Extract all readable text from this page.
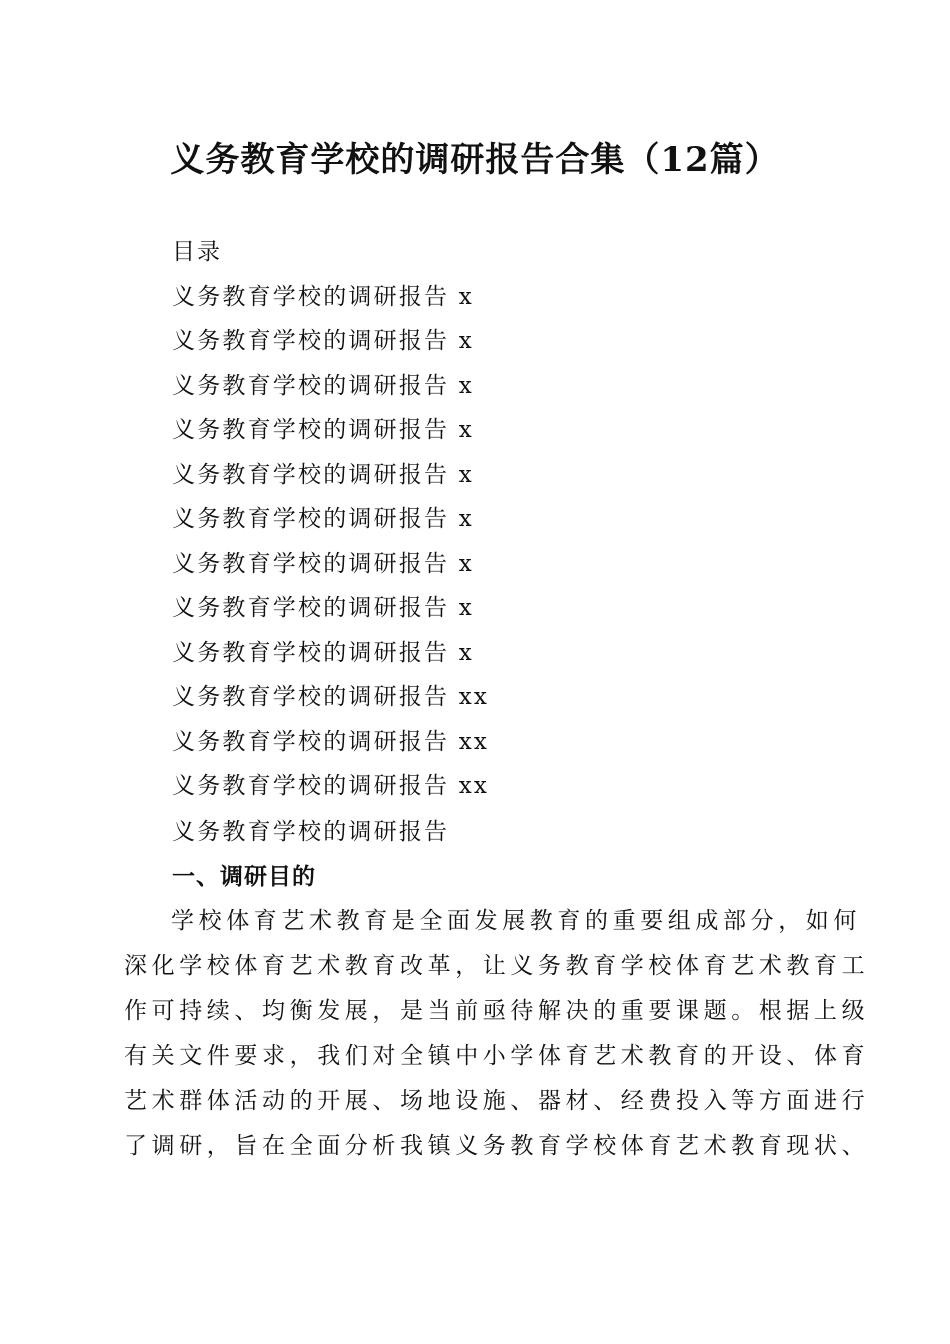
义务教育学校的调研报告合集（12篇）
目录
义务教育学校的调研报告 x
义务教育学校的调研报告 x
义务教育学校的调研报告 x
义务教育学校的调研报告 x
义务教育学校的调研报告 x
义务教育学校的调研报告 x
义务教育学校的调研报告 x
义务教育学校的调研报告 x
义务教育学校的调研报告 x
义务教育学校的调研报告 xx
义务教育学校的调研报告 xx
义务教育学校的调研报告 xx
义务教育学校的调研报告
一、调研目的
学校体育艺术教育是全面发展教育的重要组成部分，如何
深化学校体育艺术教育改革，让义务教育学校体育艺术教育工
作可持续、均衡发展，是当前亟待解决的重要课题。根据上级
有关文件要求，我们对全镇中小学体育艺术教育的开设、体育
艺术群体活动的开展、场地设施、器材、经费投入等方面进行
了调研，旨在全面分析我镇义务教育学校体育艺术教育现状、
